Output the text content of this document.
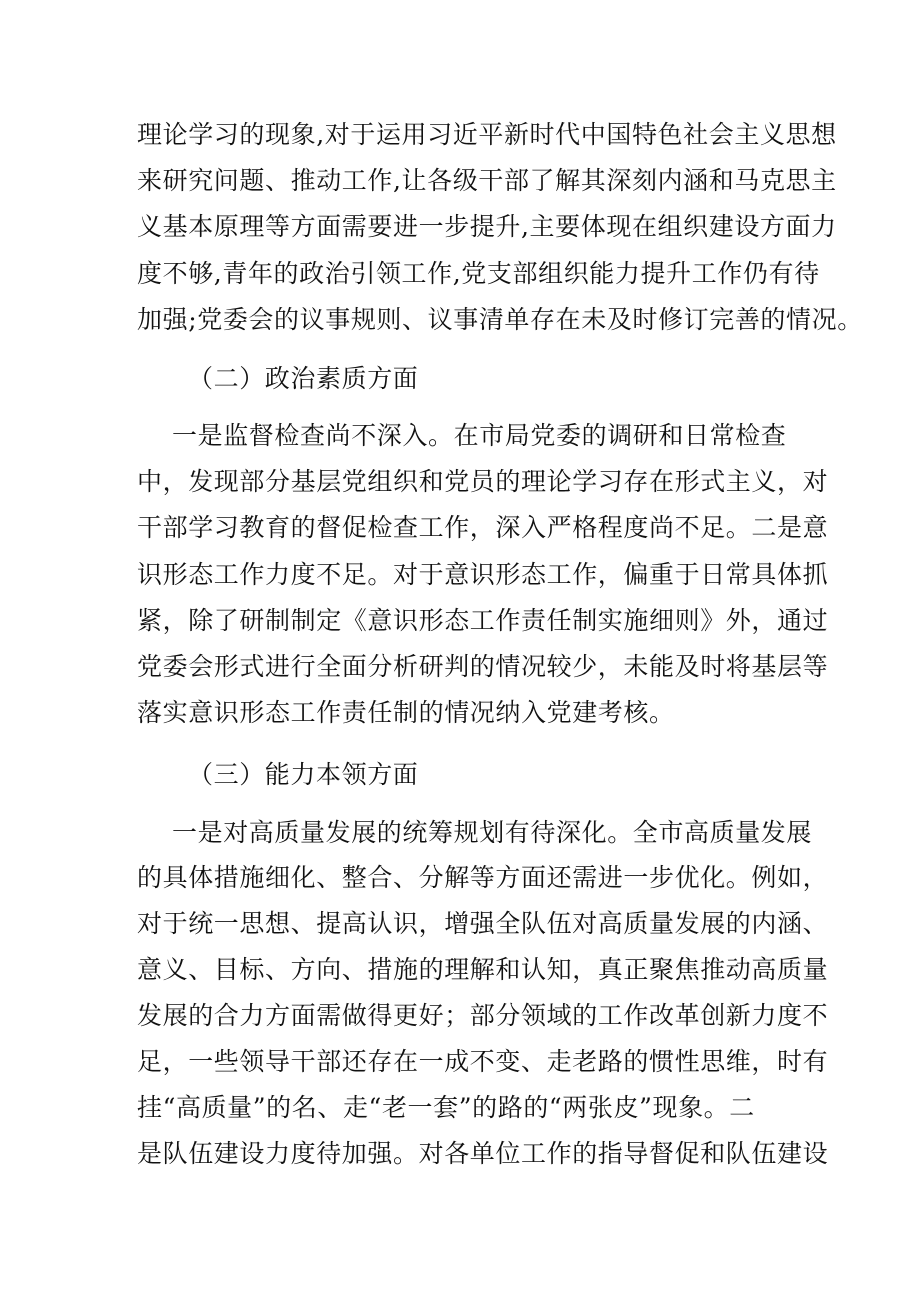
理论学习的现象,对于运用习近平新时代中国特色社会主义思想
来研究问题、推动工作,让各级干部了解其深刻内涵和马克思主
义基本原理等方面需要进一步提升,主要体现在组织建设方面力
度不够,青年的政治引领工作,党支部组织能力提升工作仍有待
加强;党委会的议事规则、议事清单存在未及时修订完善的情况。
（二）政治素质方面
一是监督检查尚不深入。在市局党委的调研和日常检查
中，发现部分基层党组织和党员的理论学习存在形式主义，对
干部学习教育的督促检查工作，深入严格程度尚不足。二是意
识形态工作力度不足。对于意识形态工作，偏重于日常具体抓
紧，除了研制制定《意识形态工作责任制实施细则》外，通过
党委会形式进行全面分析研判的情况较少，未能及时将基层等
落实意识形态工作责任制的情况纳入党建考核。
（三）能力本领方面
一是对高质量发展的统筹规划有待深化。全市高质量发展
的具体措施细化、整合、分解等方面还需进一步优化。例如，
对于统一思想、提高认识，增强全队伍对高质量发展的内涵、
意义、目标、方向、措施的理解和认知，真正聚焦推动高质量
发展的合力方面需做得更好；部分领域的工作改革创新力度不
足，一些领导干部还存在一成不变、走老路的惯性思维，时有
挂“高质量”的名、走“老一套”的路的“两张皮”现象。二
是队伍建设力度待加强。对各单位工作的指导督促和队伍建设
